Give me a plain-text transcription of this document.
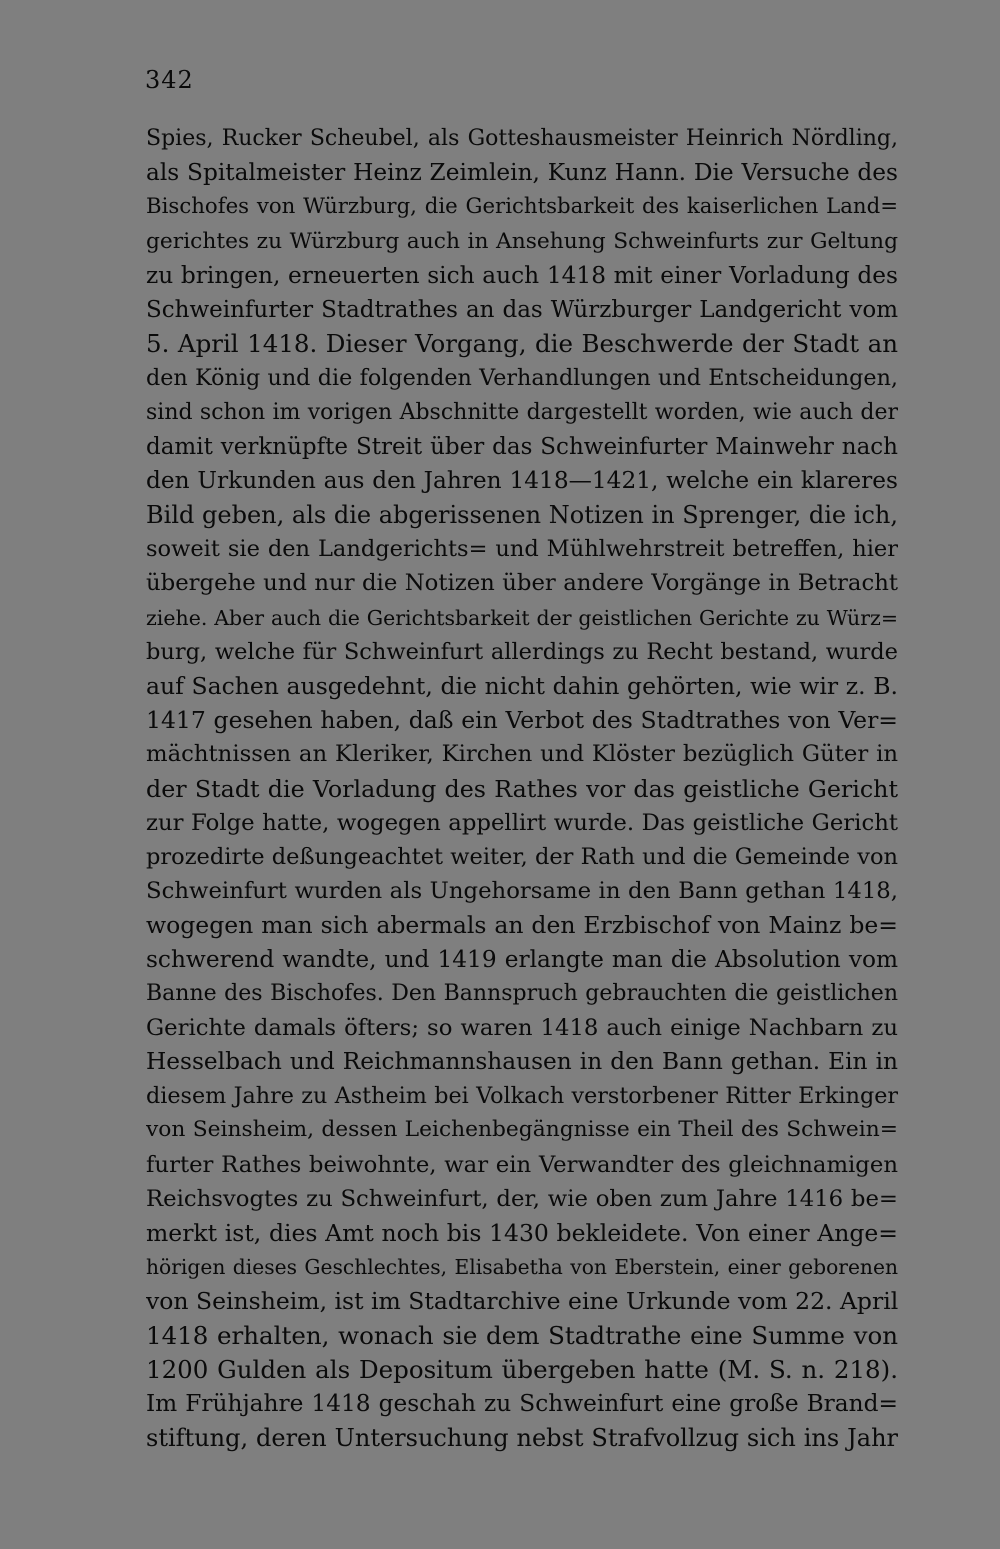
342
Spies, Rucker Scheubel, als Gotteshausmeister Heinrich Nördling,
als Spitalmeister Heinz Zeimlein, Kunz Hann. Die Versuche des
Bischofes von Würzburg, die Gerichtsbarkeit des kaiserlichen Land=
gerichtes zu Würzburg auch in Ansehung Schweinfurts zur Geltung
zu bringen, erneuerten sich auch 1418 mit einer Vorladung des
Schweinfurter Stadtrathes an das Würzburger Landgericht vom
5. April 1418. Dieser Vorgang, die Beschwerde der Stadt an
den König und die folgenden Verhandlungen und Entscheidungen,
sind schon im vorigen Abschnitte dargestellt worden, wie auch der
damit verknüpfte Streit über das Schweinfurter Mainwehr nach
den Urkunden aus den Jahren 1418—1421, welche ein klareres
Bild geben, als die abgerissenen Notizen in Sprenger, die ich,
soweit sie den Landgerichts= und Mühlwehrstreit betreffen, hier
übergehe und nur die Notizen über andere Vorgänge in Betracht
ziehe. Aber auch die Gerichtsbarkeit der geistlichen Gerichte zu Würz=
burg, welche für Schweinfurt allerdings zu Recht bestand, wurde
auf Sachen ausgedehnt, die nicht dahin gehörten, wie wir z. B.
1417 gesehen haben, daß ein Verbot des Stadtrathes von Ver=
mächtnissen an Kleriker, Kirchen und Klöster bezüglich Güter in
der Stadt die Vorladung des Rathes vor das geistliche Gericht
zur Folge hatte, wogegen appellirt wurde. Das geistliche Gericht
prozedirte deßungeachtet weiter, der Rath und die Gemeinde von
Schweinfurt wurden als Ungehorsame in den Bann gethan 1418,
wogegen man sich abermals an den Erzbischof von Mainz be=
schwerend wandte, und 1419 erlangte man die Absolution vom
Banne des Bischofes. Den Bannspruch gebrauchten die geistlichen
Gerichte damals öfters; so waren 1418 auch einige Nachbarn zu
Hesselbach und Reichmannshausen in den Bann gethan. Ein in
diesem Jahre zu Astheim bei Volkach verstorbener Ritter Erkinger
von Seinsheim, dessen Leichenbegängnisse ein Theil des Schwein=
furter Rathes beiwohnte, war ein Verwandter des gleichnamigen
Reichsvogtes zu Schweinfurt, der, wie oben zum Jahre 1416 be=
merkt ist, dies Amt noch bis 1430 bekleidete. Von einer Ange=
hörigen dieses Geschlechtes, Elisabetha von Eberstein, einer geborenen
von Seinsheim, ist im Stadtarchive eine Urkunde vom 22. April
1418 erhalten, wonach sie dem Stadtrathe eine Summe von
1200 Gulden als Depositum übergeben hatte (M. S. n. 218).
Im Frühjahre 1418 geschah zu Schweinfurt eine große Brand=
stiftung, deren Untersuchung nebst Strafvollzug sich ins Jahr
